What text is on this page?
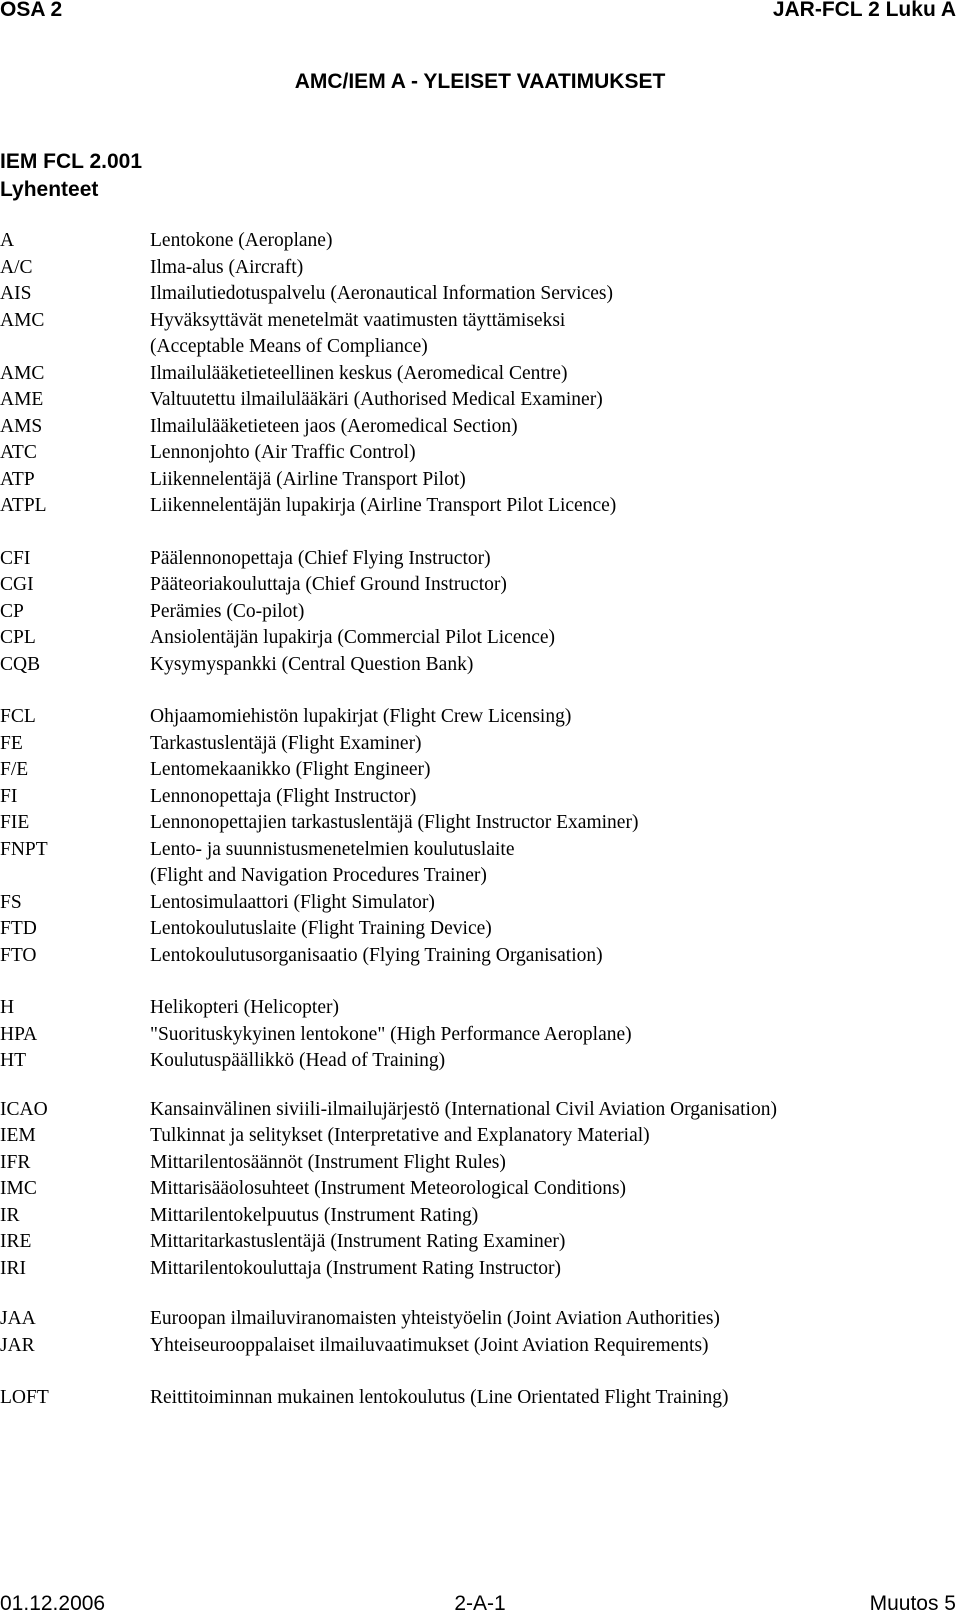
OSA 2	JAR-FCL 2 Luku A
AMC/IEM A - YLEISET VAATIMUKSET
IEM FCL 2.001
Lyhenteet
A	Lentokone (Aeroplane)
A/C	Ilma-alus (Aircraft)
AIS	Ilmailutiedotuspalvelu (Aeronautical Information Services)
AMC	Hyväksyttävät menetelmät vaatimusten täyttämiseksi
(Acceptable Means of Compliance)
AMC	Ilmailulääketieteellinen keskus (Aeromedical Centre)
AME	Valtuutettu ilmailulääkäri (Authorised Medical Examiner)
AMS	Ilmailulääketieteen jaos (Aeromedical Section)
ATC	Lennonjohto (Air Traffic Control)
ATP	Liikennelentäjä (Airline Transport Pilot)
ATPL	Liikennelentäjän lupakirja (Airline Transport Pilot Licence)
CFI	Päälennonopettaja (Chief Flying Instructor)
CGI	Pääteoriakouluttaja (Chief Ground Instructor)
CP	Perämies (Co-pilot)
CPL	Ansiolentäjän lupakirja (Commercial Pilot Licence)
CQB	Kysymyspankki (Central Question Bank)
FCL	Ohjaamomiehistön lupakirjat (Flight Crew Licensing)
FE	Tarkastuslentäjä (Flight Examiner)
F/E	Lentomekaanikko (Flight Engineer)
FI	Lennonopettaja (Flight Instructor)
FIE	Lennonopettajien tarkastuslentäjä (Flight Instructor Examiner)
FNPT	Lento- ja suunnistusmenetelmien koulutuslaite
(Flight and Navigation Procedures Trainer)
FS	Lentosimulaattori (Flight Simulator)
FTD	Lentokoulutuslaite (Flight Training Device)
FTO	Lentokoulutusorganisaatio (Flying Training Organisation)
H	Helikopteri (Helicopter)
HPA	"Suorituskykyinen lentokone" (High Performance Aeroplane)
HT	Koulutuspäällikkö (Head of Training)
ICAO	Kansainvälinen siviili-ilmailujärjestö (International Civil Aviation Organisation)
IEM	Tulkinnat ja selitykset (Interpretative and Explanatory Material)
IFR	Mittarilentosäännöt (Instrument Flight Rules)
IMC	Mittarisääolosuhteet (Instrument Meteorological Conditions)
IR	Mittarilentokelpuutus (Instrument Rating)
IRE	Mittaritarkastuslentäjä (Instrument Rating Examiner)
IRI	Mittarilentokouluttaja (Instrument Rating Instructor)
JAA	Euroopan ilmailuviranomaisten yhteistyöelin (Joint Aviation Authorities)
JAR	Yhteiseurooppalaiset ilmailuvaatimukset (Joint Aviation Requirements)
LOFT	Reittitoiminnan mukainen lentokoulutus (Line Orientated Flight Training)
01.12.2006	2-A-1	Muutos 5
